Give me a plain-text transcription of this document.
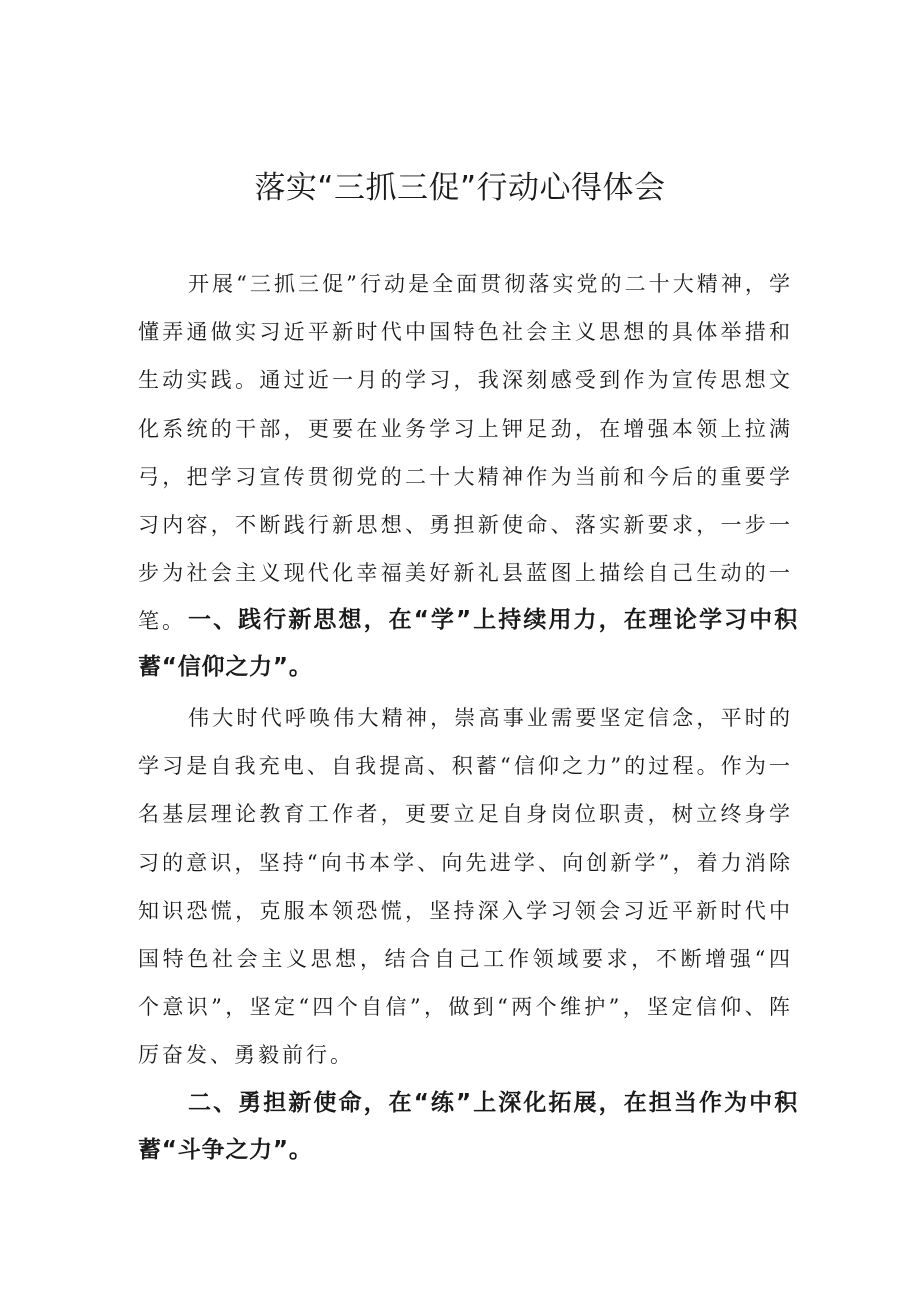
落实“三抓三促”行动心得体会

开展“三抓三促”行动是全面贯彻落实党的二十大精神，学懂弄通做实习近平新时代中国特色社会主义思想的具体举措和生动实践。通过近一月的学习，我深刻感受到作为宣传思想文化系统的干部，更要在业务学习上钾足劲，在增强本领上拉满弓，把学习宣传贯彻党的二十大精神作为当前和今后的重要学习内容，不断践行新思想、勇担新使命、落实新要求，一步一步为社会主义现代化幸福美好新礼县蓝图上描绘自己生动的一笔。 一、践行新思想，在“学”上持续用力，在理论学习中积蓄“信仰之力”。

伟大时代呼唤伟大精神，崇高事业需要坚定信念，平时的学习是自我充电、自我提高、积蓄“信仰之力”的过程。作为一名基层理论教育工作者，更要立足自身岗位职责，树立终身学习的意识，坚持“向书本学、向先进学、向创新学”，着力消除知识恐慌，克服本领恐慌，坚持深入学习领会习近平新时代中国特色社会主义思想，结合自己工作领域要求，不断增强“四个意识”，坚定“四个自信”，做到“两个维护”，坚定信仰、阵厉奋发、勇毅前行。

二、勇担新使命，在“练”上深化拓展，在担当作为中积蓄“斗争之力”。
